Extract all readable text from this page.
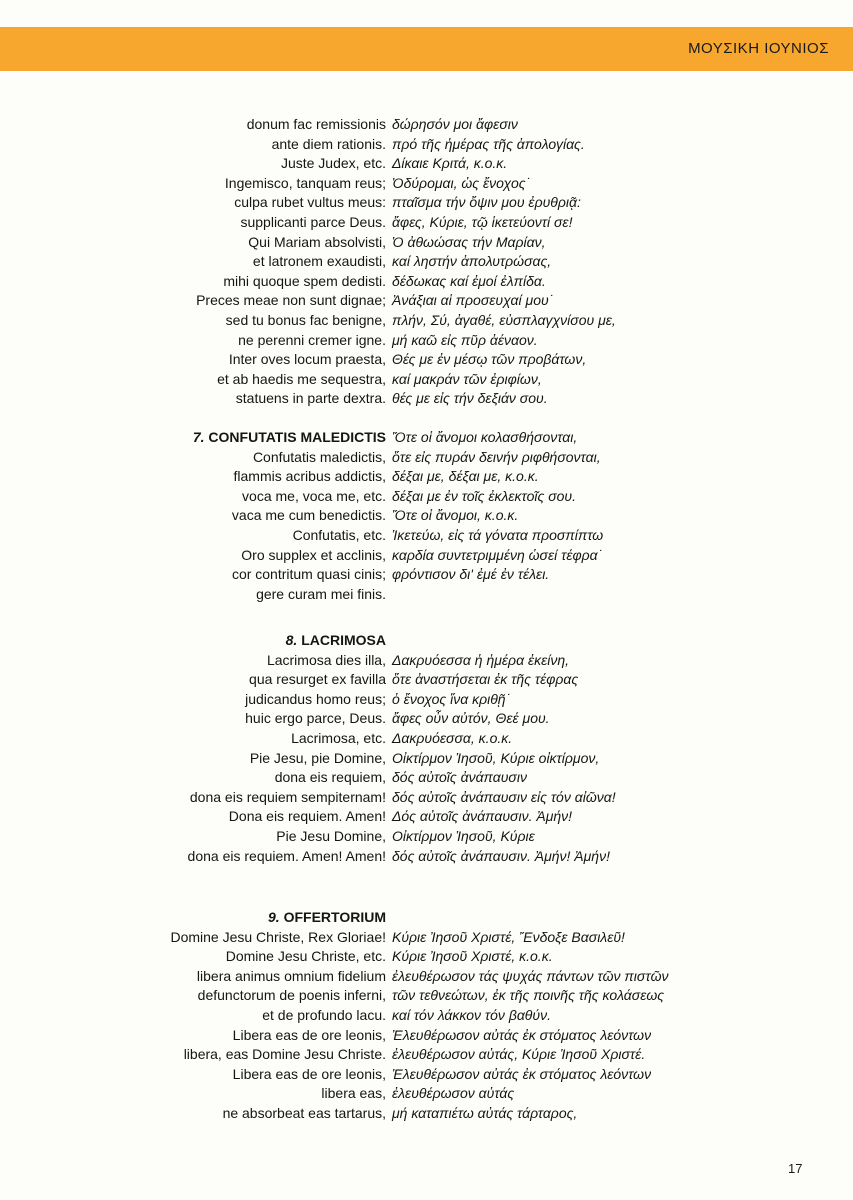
ΜΟΥΣΙΚΗ ΙΟΥΝΙΟΣ
donum fac remissionis δώρησόν μοι ἄφεσιν
ante diem rationis. πρό τῆς ἡμέρας τῆς ἀπολογίας.
Juste Judex, etc. Δίκαιε Κριτά, κ.ο.κ.
Ingemisco, tanquam reus; Ὀδύρομαι, ὡς ἔνοχος˙
culpa rubet vultus meus: πταῖσμα τήν ὄψιν μου ἐρυθριᾷ:
supplicanti parce Deus. ἄφες, Κύριε, τῷ ἱκετεύοντί σε!
Qui Mariam absolvisti, Ὁ ἀθωώσας τήν Μαρίαν,
et latronem exaudisti, καί ληστήν ἀπολυτρώσας,
mihi quoque spem dedisti. δέδωκας καί ἐμοί ἐλπίδα.
Preces meae non sunt dignae; Ἀνάξιαι αἱ προσευχαί μου˙
sed tu bonus fac benigne, πλήν, Σύ, ἀγαθέ, εὐσπλαγχνίσου με,
ne perenni cremer igne. μή καῶ εἰς πῦρ ἀέναον.
Inter oves locum praesta, Θές με ἐν μέσῳ τῶν προβάτων,
et ab haedis me sequestra, καί μακράν τῶν ἐριφίων,
statuens in parte dextra. θές με εἰς τήν δεξιάν σου.
7. CONFUTATIS MALEDICTIS Ὅτε οἱ ἄνομοι κολασθήσονται,
Confutatis maledictis, ὅτε εἰς πυράν δεινήν ριφθήσονται,
flammis acribus addictis, δέξαι με, δέξαι με, κ.ο.κ.
voca me, voca me, etc. δέξαι με ἐν τοῖς ἐκλεκτοῖς σου.
vaca me cum benedictis. Ὅτε οἱ ἄνομοι, κ.ο.κ.
Confutatis, etc. Ἱκετεύω, εἰς τά γόνατα προσπίπτω
Oro supplex et acclinis, καρδία συντετριμμένη ὡσεί τέφρα˙
cor contritum quasi cinis; φρόντισον δι' ἐμέ ἐν τέλει.
gere curam mei finis.
8. LACRIMOSA
Lacrimosa dies illa, Δακρυόεσσα ἡ ἡμέρα ἐκείνη,
qua resurget ex favilla ὅτε ἀναστήσεται ἐκ τῆς τέφρας
judicandus homo reus; ὁ ἔνοχος ἵνα κριθῇ˙
huic ergo parce, Deus. ἄφες οὖν αὐτόν, Θεέ μου.
Lacrimosa, etc. Δακρυόεσσα, κ.ο.κ.
Pie Jesu, pie Domine, Οἰκτίρμον Ἰησοῦ, Κύριε οἰκτίρμον,
dona eis requiem, δός αὐτοῖς ἀνάπαυσιν
dona eis requiem sempiternam! δός αὐτοῖς ἀνάπαυσιν εἰς τόν αἰῶνα!
Dona eis requiem. Amen! Δός αὐτοῖς ἀνάπαυσιν. Ἀμήν!
Pie Jesu Domine, Οἰκτίρμον Ἰησοῦ, Κύριε
dona eis requiem. Amen! Amen! δός αὐτοῖς ἀνάπαυσιν. Ἀμήν! Ἀμήν!
9. OFFERTORIUM
Domine Jesu Christe, Rex Gloriae! Κύριε Ἰησοῦ Χριστέ, Ἔνδοξε Βασιλεῦ!
Domine Jesu Christe, etc. Κύριε Ἰησοῦ Χριστέ, κ.ο.κ.
libera animus omnium fidelium ἐλευθέρωσον τάς ψυχάς πάντων τῶν πιστῶν
defunctorum de poenis inferni, τῶν τεθνεώτων, ἐκ τῆς ποινῆς τῆς κολάσεως
et de profundo lacu. καί τόν λάκκον τόν βαθύν.
Libera eas de ore leonis, Ἐλευθέρωσον αὐτάς ἐκ στόματος λεόντων
libera, eas Domine Jesu Christe. ἐλευθέρωσον αὐτάς, Κύριε Ἰησοῦ Χριστέ.
Libera eas de ore leonis, Ἐλευθέρωσον αὐτάς ἐκ στόματος λεόντων
libera eas, ἐλευθέρωσον αὐτάς
ne absorbeat eas tartarus, μή καταπιέτω αὐτάς τάρταρος,
17
